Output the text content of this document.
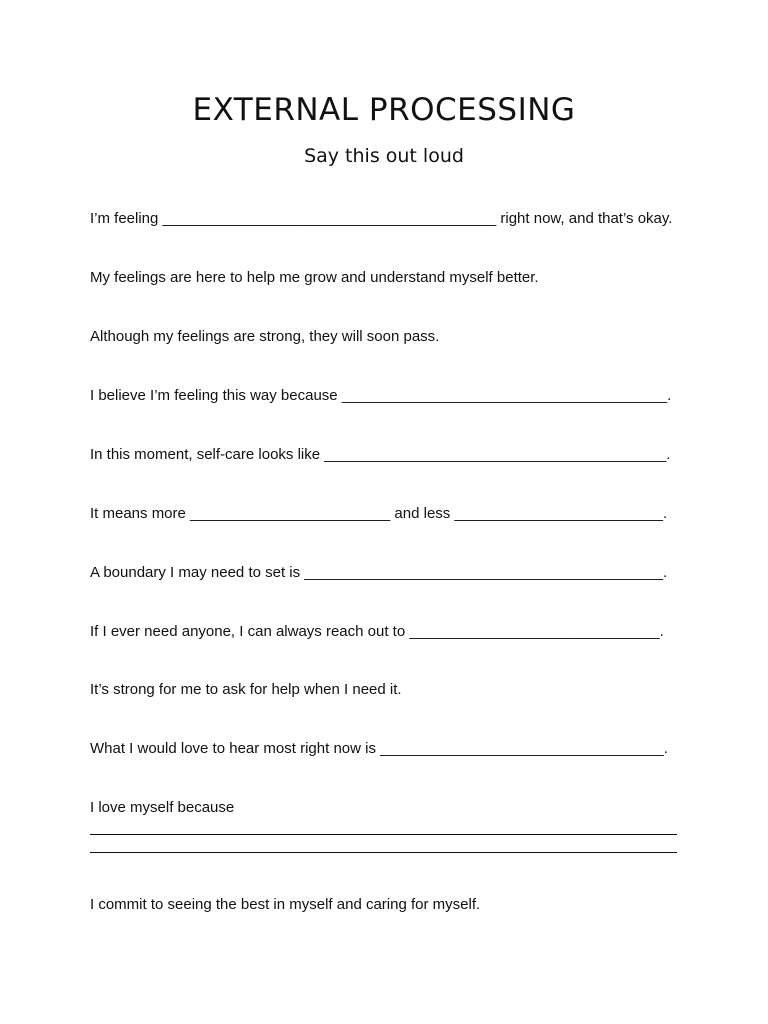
EXTERNAL PROCESSING
Say this out loud

I’m feeling ________________________________________ right now, and that’s okay.

My feelings are here to help me grow and understand myself better.

Although my feelings are strong, they will soon pass.

I believe I’m feeling this way because _______________________________________.

In this moment, self-care looks like _________________________________________.

It means more ________________________ and less _________________________.

A boundary I may need to set is ___________________________________________.

If I ever need anyone, I can always reach out to ______________________________.

It’s strong for me to ask for help when I need it.

What I would love to hear most right now is __________________________________.

I love myself because

I commit to seeing the best in myself and caring for myself.
